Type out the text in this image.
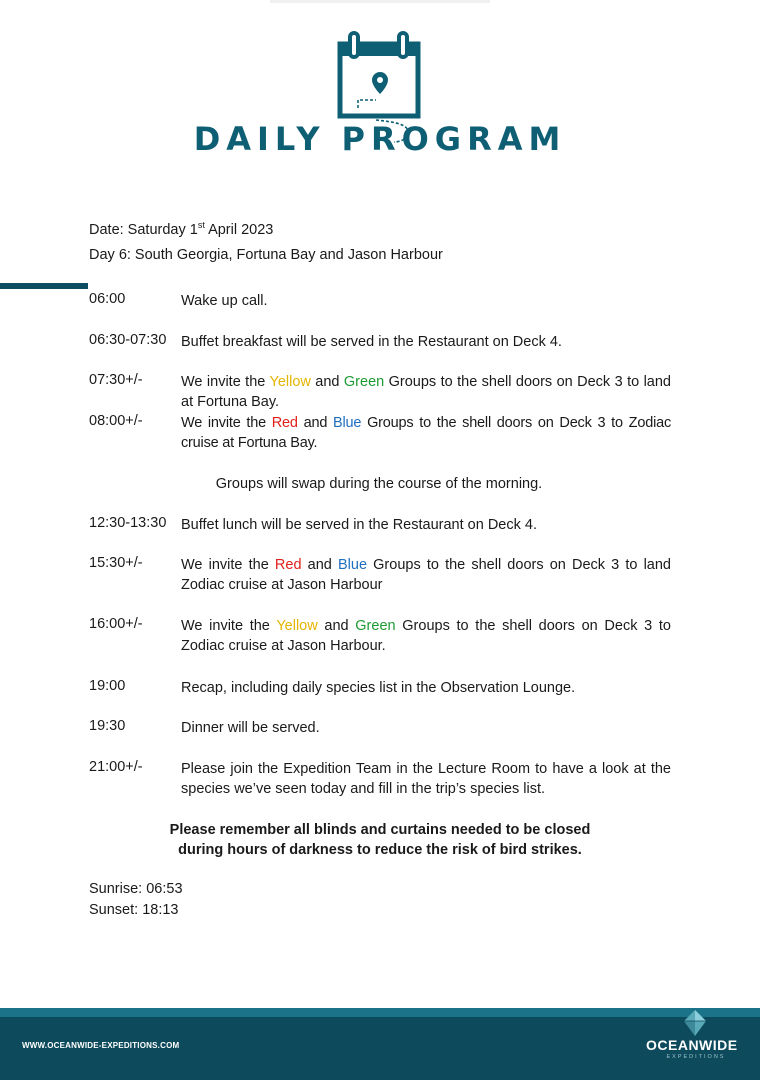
DAILY PROGRAM
Date: Saturday 1st April 2023
Day 6: South Georgia, Fortuna Bay and Jason Harbour
06:00	Wake up call.
06:30-07:30 Buffet breakfast will be served in the Restaurant on Deck 4.
07:30+/-	We invite the Yellow and Green Groups to the shell doors on Deck 3 to land at Fortuna Bay.
08:00+/-	We invite the Red and Blue Groups to the shell doors on Deck 3 to Zodiac cruise at Fortuna Bay.
Groups will swap during the course of the morning.
12:30-13:30 Buffet lunch will be served in the Restaurant on Deck 4.
15:30+/-	We invite the Red and Blue Groups to the shell doors on Deck 3 to land Zodiac cruise at Jason Harbour
16:00+/-	We invite the Yellow and Green Groups to the shell doors on Deck 3 to Zodiac cruise at Jason Harbour.
19:00	Recap, including daily species list in the Observation Lounge.
19:30	Dinner will be served.
21:00+/-	Please join the Expedition Team in the Lecture Room to have a look at the species we’ve seen today and fill in the trip’s species list.
Please remember all blinds and curtains needed to be closed
during hours of darkness to reduce the risk of bird strikes.
Sunrise: 06:53
Sunset: 18:13
WWW.OCEANWIDE-EXPEDITIONS.COM	OCEANWIDE
EXPEDITIONS
